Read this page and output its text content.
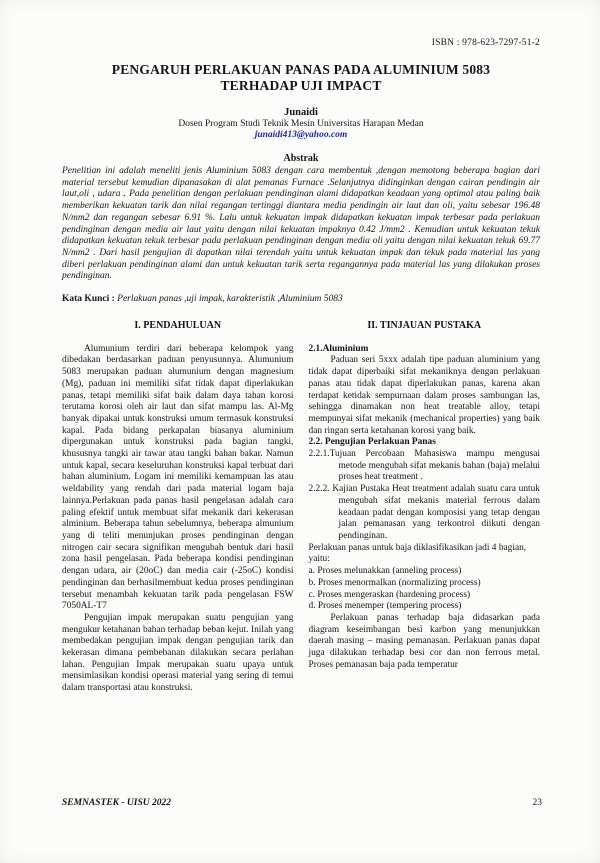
ISBN : 978-623-7297-51-2
PENGARUH PERLAKUAN PANAS PADA ALUMINIUM 5083
TERHADAP UJI IMPACT
Junaidi
Dosen Program Studi Teknik Mesin Universitas Harapan Medan
junaidi413@yahoo.com
Abstrak

Penelitian ini adalah meneliti jenis Aluminium 5083 dengan cara membentuk ,dengan memotong beberapa bagian dari material tersebut kemudian dipanasakan di alat pemanas Furnace .Selanjutnya didinginkan dengan cairan pendingin air laut,oli , udara . Pada penelitian dengan perlakuan pendinginan alami didapatkan keadaan yang optimal atau paling baik memberikan kekuatan tarik dan nilai regangan tertinggi diantara media pendingin air laut dan oli, yaitu sebesar 196.48 N/mm2 dan regangan sebesar 6.91 %. Lalu untuk kekuatan impak didapatkan kekuatan impak terbesar pada perlakuan pendinginan dengan media air laut yaitu dengan nilai kekuatan impaknya 0.42 J/mm2 . Kemudian untuk kekuatan tekuk didapatkan kekuatan tekuk terbesar pada perlakuan pendinginan dengan media oli yaitu dengan nilai kekuatan tekuk 69.77 N/mm2 . Dari hasil pengujian di dapatkan nilai terendah yaitu untuk kekuatan impak dan tekuk pada material las yang diberi perlakuan pendinginan alami dan untuk kekuatan tarik serta regangannya pada material las yang dilakukan proses pendinginan.

Kata Kunci : Perlakuan panas ,uji impak, karakteristik ,Aluminium 5083

I. PENDAHULUAN

Alumunium terdiri dari beberapa kelompok yang dibedakan berdasarkan paduan penyusunnya. Alumunium 5083 merupakan paduan alumunium dengan magnesium (Mg), paduan ini memiliki sifat tidak dapat diperlakukan panas, tetapi memiliki sifat baik dalam daya tahan korosi terutama korosi oleh air laut dan sifat mampu las. Al-Mg banyak dipakai untuk konstruksi umum termasuk konstruksi kapal. Pada bidang perkapalan biasanya aluminium dipergunakan untuk konstruksi pada bagian tangki, khususnya tangki air tawar atau tangki bahan bakar. Namun untuk kapal, secara keseluruhan konstruksi kapal terbuat dari bahan aluminium. Logam ini memiliki kemampuan las atau weldability yang rendah dari pada material logam baja lainnya.Perlakuan pada panas hasil pengelasan adalah cara paling efektif untuk membuat sifat mekanik dari kekerasan alminium. Beberapa tahun sebelumnya, beberapa almunium yang di teliti menunjukan proses pendinginan dengan nitrogen cair secara signifikan mengubah bentuk dari hasil zona hasil pengelasan. Pada beberapa kondisi pendinginan dengan udara, air (20oC) dan media cair (-25oC) kondisi pendinginan dan berhasilmembuat kedua proses pendinginan tersebut menambah kekuatan tarik pada pengelasan FSW 7050AL-T7

Pengujian impak merupakan suatu pengujian yang mengukur ketahanan bahan terhadap beban kejut. Inilah yang membedakan pengujian impak dengan pengujian tarik dan kekerasan dimana pembebanan dilakukan secara perlahan lahan. Pengujian Impak merupakan suatu upaya untuk mensimlasikan kondisi operasi material yang sering di temui dalam transportasi atau konstruksi.

II. TINJAUAN PUSTAKA

2.1.Aluminium

Paduan seri 5xxx adalah tipe paduan aluminium yang tidak dapat diperbaiki sifat mekaniknya dengan perlakuan panas atau tidak dapat diperlakukan panas, karena akan terdapat ketidak sempurnaan dalam proses sambungan las, sehingga dinamakan non heat treatable alloy, tetapi mempunyai sifat mekanik (mechanical properties) yang baik dan ringan serta ketahanan korosi yang baik.

2.2. Pengujian Perlakuan Panas

2.2.1.Tujuan Percobaan Mahasiswa mampu mengusai metode mengubah sifat mekanis bahan (baja) melalui proses heat treatment .

2.2.2. Kajian Pustaka Heat treatment adalah suatu cara untuk mengubah sifat mekanis material ferrous dalam keadaan padat dengan komposisi yang tetap dengan jalan pemanasan yang terkontrol diikuti dengan pendinginan.

Perlakuan panas untuk baja diklasifikasikan jadi 4 bagian, yaitu:

a. Proses melunakkan (anneling process)

b. Proses menormalkan (normalizing process)

c. Proses mengeraskan (hardening process)

d. Proses menemper (tempering process)

Perlakuan panas terhadap baja didasarkan pada diagram keseimbangan besi karbon yang menunjukkan daerah masing – masing pemanasan. Perlakuan panas dapat juga dilakukan terhadap besi cor dan non ferrous metal. Proses pemanasan baja pada temperatur

SEMNASTEK - UISU 2022	23
